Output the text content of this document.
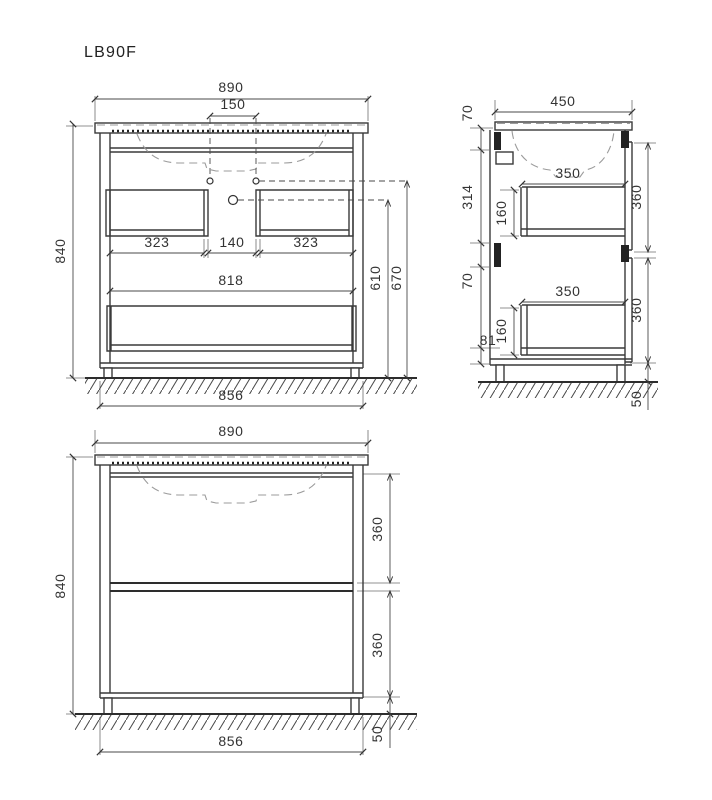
LB90F
890
150
840	323	140	323
818
856
610 670
450
70
314
70
81
350
160
350
160
360
360
50
890
840
360
360
50
856
